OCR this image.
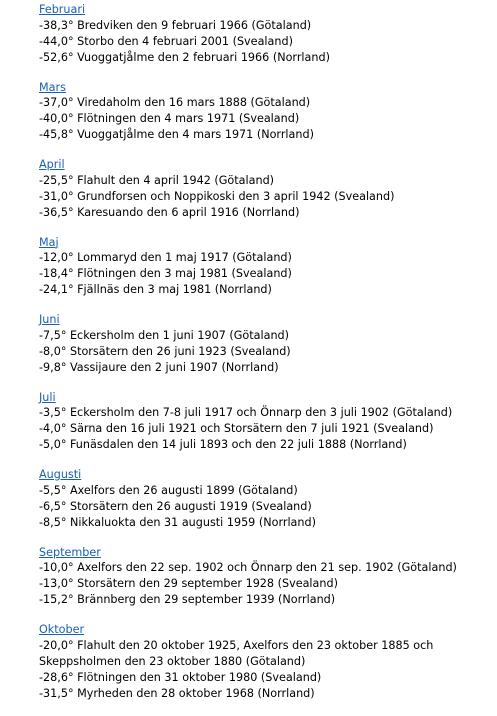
Februari
-38,3° Bredviken den 9 februari 1966 (Götaland)
-44,0° Storbo den 4 februari 2001 (Svealand)
-52,6° Vuoggatjålme den 2 februari 1966 (Norrland)
Mars
-37,0° Viredaholm den 16 mars 1888 (Götaland)
-40,0° Flötningen den 4 mars 1971 (Svealand)
-45,8° Vuoggatjålme den 4 mars 1971 (Norrland)
April
-25,5° Flahult den 4 april 1942 (Götaland)
-31,0° Grundforsen och Noppikoski den 3 april 1942 (Svealand)
-36,5° Karesuando den 6 april 1916 (Norrland)
Maj
-12,0° Lommaryd den 1 maj 1917 (Götaland)
-18,4° Flötningen den 3 maj 1981 (Svealand)
-24,1° Fjällnäs den 3 maj 1981 (Norrland)
Juni
-7,5° Eckersholm den 1 juni 1907 (Götaland)
-8,0° Storsätern den 26 juni 1923 (Svealand)
-9,8° Vassijaure den 2 juni 1907 (Norrland)
Juli
-3,5° Eckersholm den 7-8 juli 1917 och Önnarp den 3 juli 1902 (Götaland)
-4,0° Särna den 16 juli 1921 och Storsätern den 7 juli 1921 (Svealand)
-5,0° Funäsdalen den 14 juli 1893 och den 22 juli 1888 (Norrland)
Augusti
-5,5° Axelfors den 26 augusti 1899 (Götaland)
-6,5° Storsätern den 26 augusti 1919 (Svealand)
-8,5° Nikkaluokta den 31 augusti 1959 (Norrland)
September
-10,0° Axelfors den 22 sep. 1902 och Önnarp den 21 sep. 1902 (Götaland)
-13,0° Storsätern den 29 september 1928 (Svealand)
-15,2° Brännberg den 29 september 1939 (Norrland)
Oktober
-20,0° Flahult den 20 oktober 1925, Axelfors den 23 oktober 1885 och Skeppsholmen den 23 oktober 1880 (Götaland)
-28,6° Flötningen den 31 oktober 1980 (Svealand)
-31,5° Myrheden den 28 oktober 1968 (Norrland)
